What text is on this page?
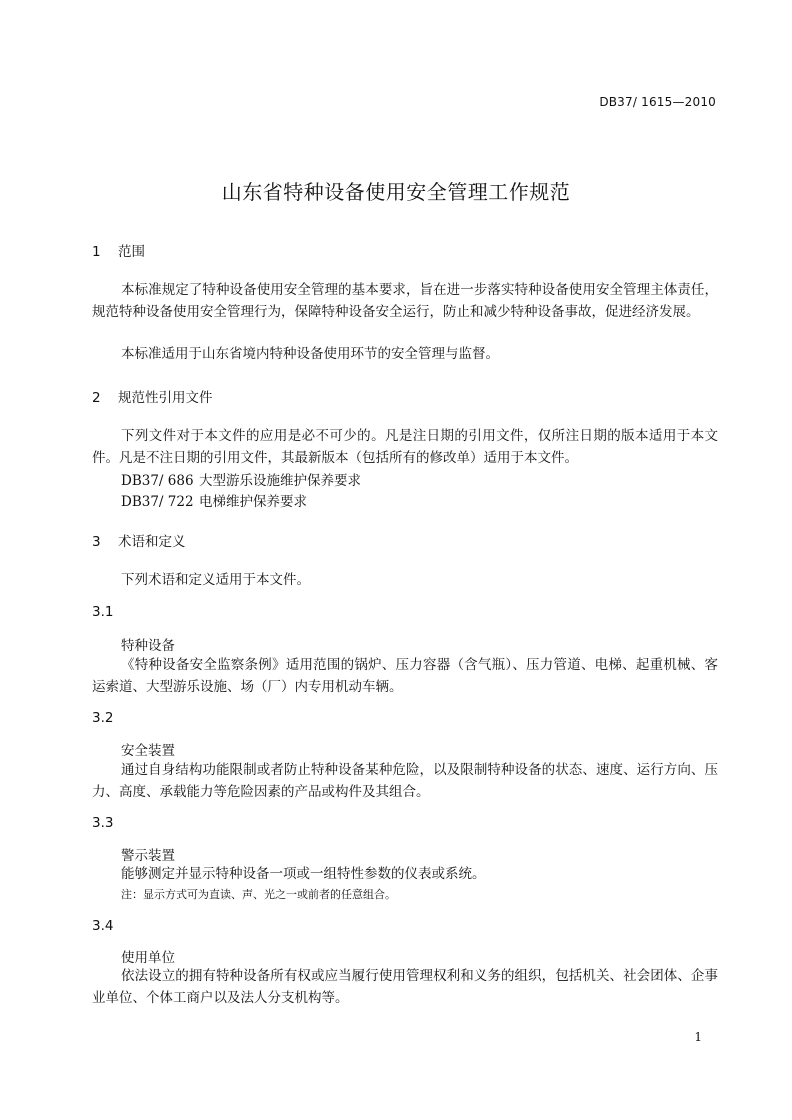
DB37/ 1615—2010
山东省特种设备使用安全管理工作规范
1 范围
本标准规定了特种设备使用安全管理的基本要求，旨在进一步落实特种设备使用安全管理主体责任，规范特种设备使用安全管理行为，保障特种设备安全运行，防止和减少特种设备事故，促进经济发展。
本标准适用于山东省境内特种设备使用环节的安全管理与监督。
2 规范性引用文件
下列文件对于本文件的应用是必不可少的。凡是注日期的引用文件，仅所注日期的版本适用于本文件。凡是不注日期的引用文件，其最新版本（包括所有的修改单）适用于本文件。
DB37/ 686 大型游乐设施维护保养要求
DB37/ 722 电梯维护保养要求
3 术语和定义
下列术语和定义适用于本文件。
3.1
特种设备
《特种设备安全监察条例》适用范围的锅炉、压力容器（含气瓶）、压力管道、电梯、起重机械、客运索道、大型游乐设施、场（厂）内专用机动车辆。
3.2
安全装置
通过自身结构功能限制或者防止特种设备某种危险，以及限制特种设备的状态、速度、运行方向、压力、高度、承载能力等危险因素的产品或构件及其组合。
3.3
警示装置
能够测定并显示特种设备一项或一组特性参数的仪表或系统。
注：显示方式可为直读、声、光之一或前者的任意组合。
3.4
使用单位
依法设立的拥有特种设备所有权或应当履行使用管理权利和义务的组织，包括机关、社会团体、企事业单位、个体工商户以及法人分支机构等。
1
